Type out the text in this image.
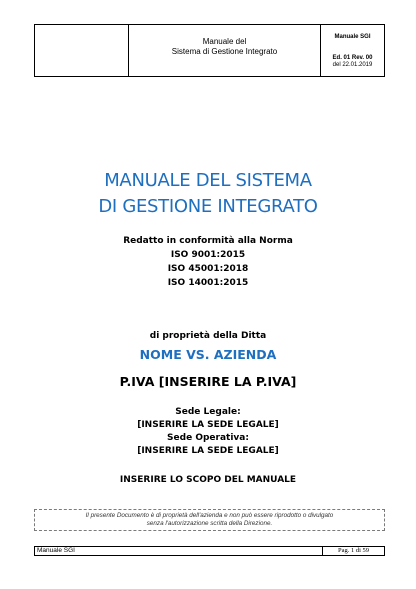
Manuale del
Sistema di Gestione Integrato
Manuale SGI
Ed. 01 Rev. 00
del 22.01.2019
MANUALE DEL SISTEMA
DI GESTIONE INTEGRATO
Redatto in conformità alla Norma
ISO 9001:2015
ISO 45001:2018
ISO 14001:2015
di proprietà della Ditta
NOME VS. AZIENDA
P.IVA [INSERIRE LA P.IVA]
Sede Legale:
[INSERIRE LA SEDE LEGALE]
Sede Operativa:
[INSERIRE LA SEDE LEGALE]
INSERIRE LO SCOPO DEL MANUALE
Il presente Documento è di proprietà dell'azienda e non può essere riprodotto o divulgato
senza l'autorizzazione scritta della Direzione.
Manuale SGI	Pag. 1 di 59
